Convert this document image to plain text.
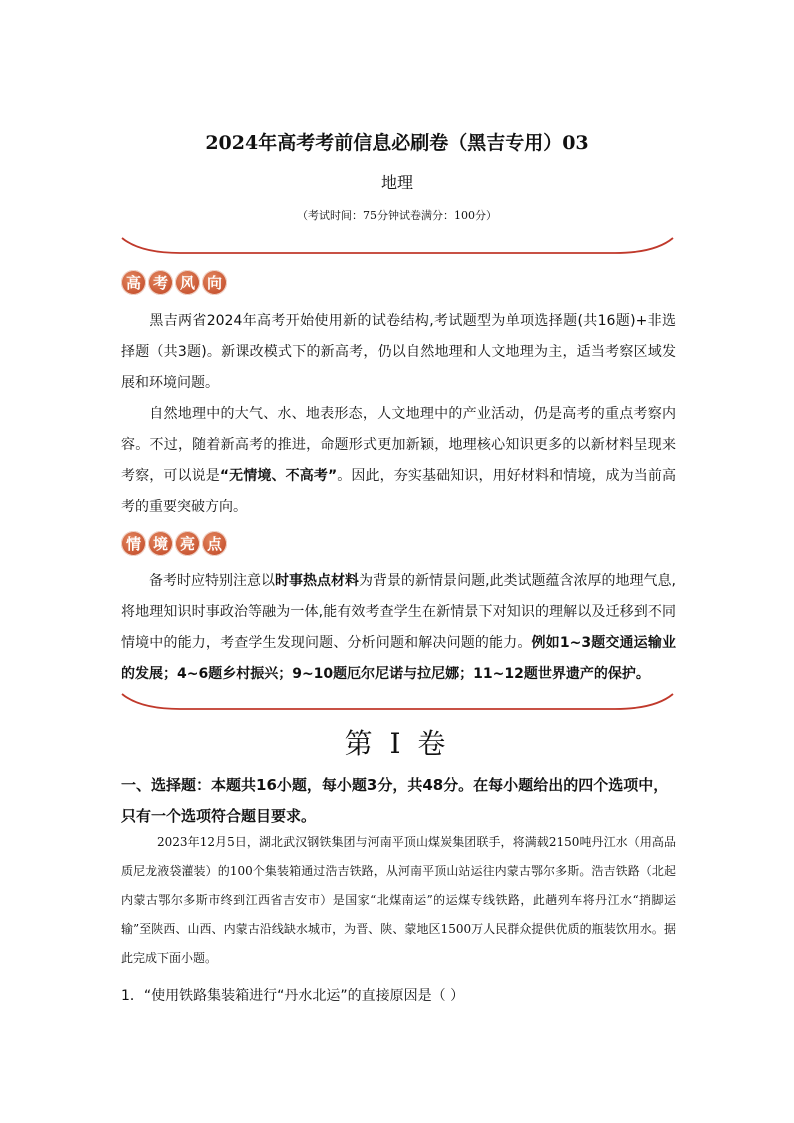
2024年高考考前信息必刷卷（黑吉专用）03
地理
（考试时间：75分钟试卷满分：100分）
高 考 风 向

黑吉两省2024年高考开始使用新的试卷结构,考试题型为单项选择题(共16题)+非选择题（共3题)。新课改模式下的新高考，仍以自然地理和人文地理为主，适当考察区域发展和环境问题。

自然地理中的大气、水、地表形态，人文地理中的产业活动，仍是高考的重点考察内容。不过，随着新高考的推进，命题形式更加新颖，地理核心知识更多的以新材料呈现来考察，可以说是“无情境、不高考”。因此，夯实基础知识，用好材料和情境，成为当前高考的重要突破方向。

情 境 亮 点

备考时应特别注意以时事热点材料为背景的新情景问题,此类试题蕴含浓厚的地理气息,将地理知识时事政治等融为一体,能有效考查学生在新情景下对知识的理解以及迁移到不同情境中的能力，考查学生发现问题、分析问题和解决问题的能力。例如1~3题交通运输业的发展；4~6题乡村振兴；9~10题厄尔尼诺与拉尼娜；11~12题世界遗产的保护。

第 I 卷

一、选择题：本题共16小题，每小题3分，共48分。在每小题给出的四个选项中，只有一个选项符合题目要求。

2023年12月5日，湖北武汉钢铁集团与河南平顶山煤炭集团联手，将满载2150吨丹江水（用高品质尼龙液袋灌装）的100个集装箱通过浩吉铁路，从河南平顶山站运往内蒙古鄂尔多斯。浩吉铁路（北起内蒙古鄂尔多斯市终到江西省吉安市）是国家“北煤南运”的运煤专线铁路，此趟列车将丹江水“捎脚运输”至陕西、山西、内蒙古沿线缺水城市，为晋、陕、蒙地区1500万人民群众提供优质的瓶装饮用水。据此完成下面小题。

1．“使用铁路集装箱进行“丹水北运”的直接原因是（ ）
